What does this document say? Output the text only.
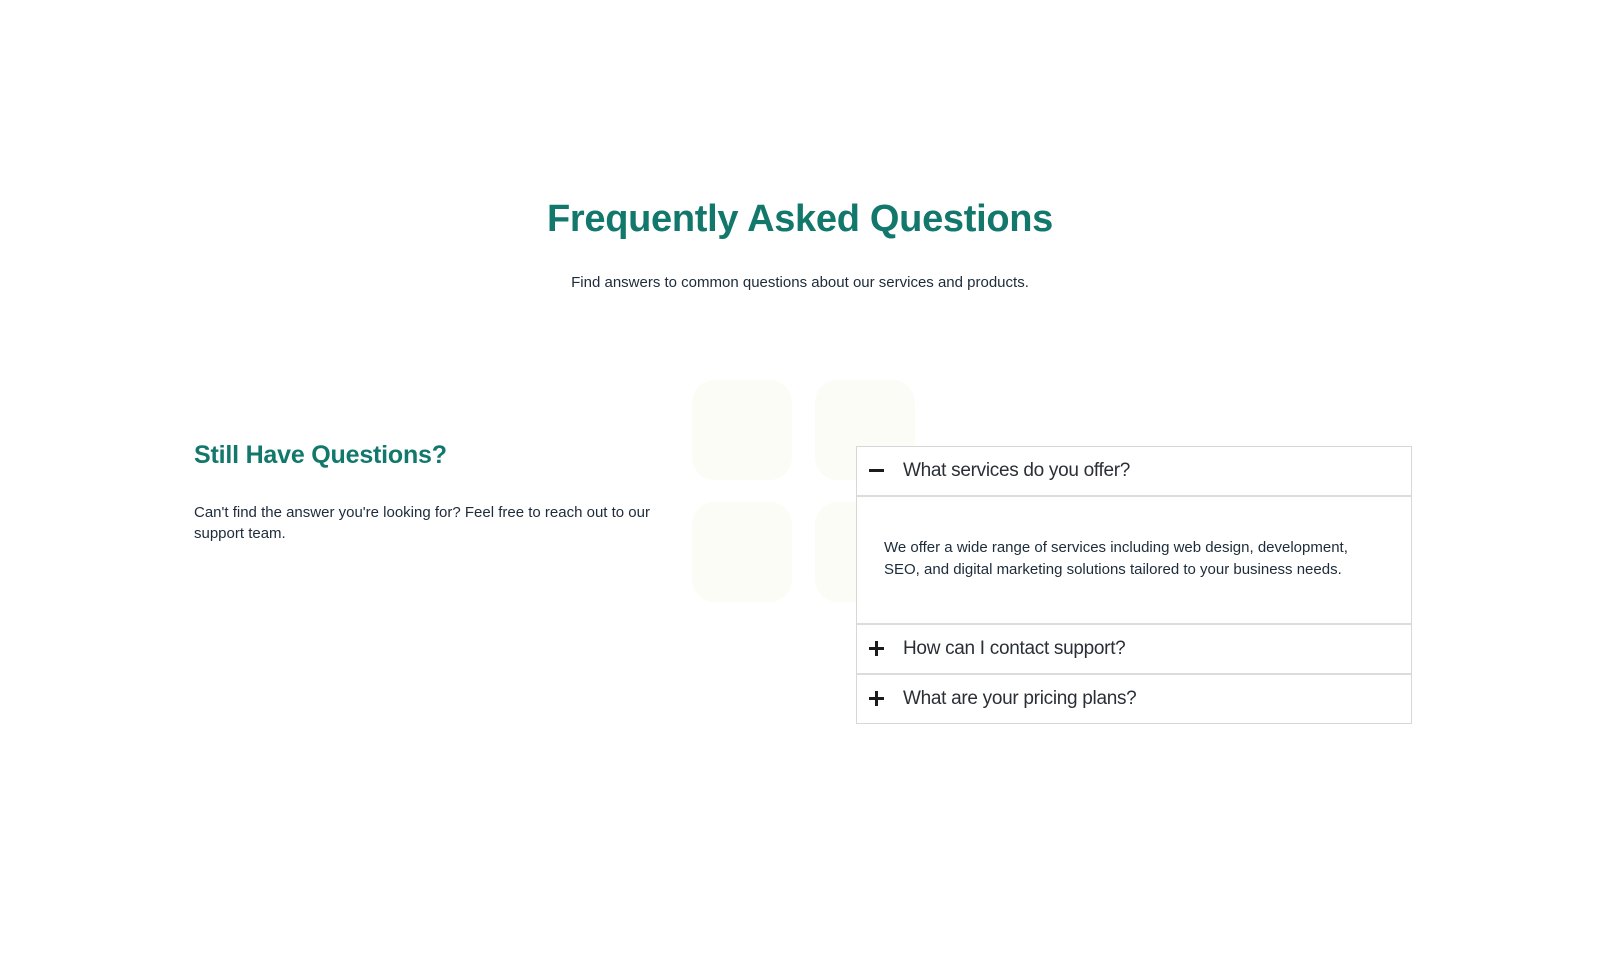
Frequently Asked Questions

Find answers to common questions about our services and products.

Still Have Questions?

Can't find the answer you're looking for? Feel free to reach out to our support team.

What services do you offer?
We offer a wide range of services including web design, development, SEO, and digital marketing solutions tailored to your business needs.
How can I contact support?
What are your pricing plans?
